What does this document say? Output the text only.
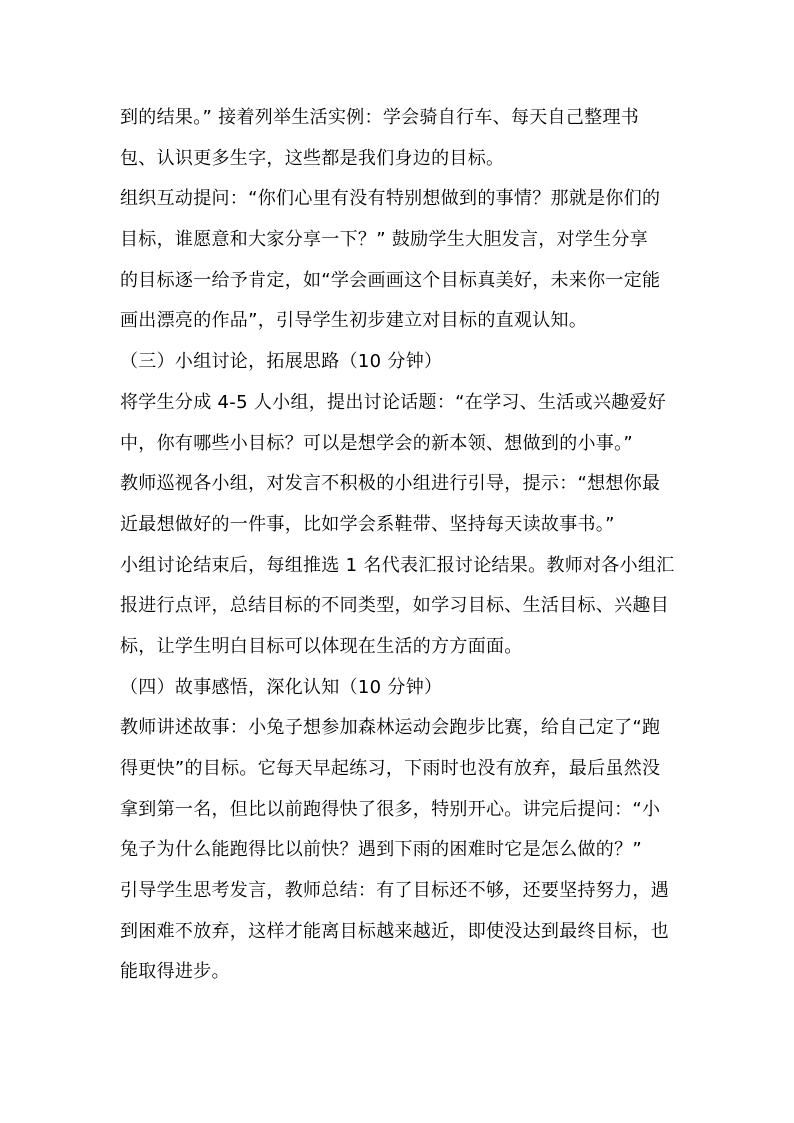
到的结果。” 接着列举生活实例：学会骑自行车、每天自己整理书
包、认识更多生字，这些都是我们身边的目标。
组织互动提问：“你们心里有没有特别想做到的事情？那就是你们的
目标，谁愿意和大家分享一下？” 鼓励学生大胆发言，对学生分享
的目标逐一给予肯定，如“学会画画这个目标真美好，未来你一定能
画出漂亮的作品”，引导学生初步建立对目标的直观认知。
（三）小组讨论，拓展思路（10 分钟）
将学生分成 4-5 人小组，提出讨论话题：“在学习、生活或兴趣爱好
中，你有哪些小目标？可以是想学会的新本领、想做到的小事。”
教师巡视各小组，对发言不积极的小组进行引导，提示：“想想你最
近最想做好的一件事，比如学会系鞋带、坚持每天读故事书。”
小组讨论结束后，每组推选 1 名代表汇报讨论结果。教师对各小组汇
报进行点评，总结目标的不同类型，如学习目标、生活目标、兴趣目
标，让学生明白目标可以体现在生活的方方面面。
（四）故事感悟，深化认知（10 分钟）
教师讲述故事：小兔子想参加森林运动会跑步比赛，给自己定了“跑
得更快”的目标。它每天早起练习，下雨时也没有放弃，最后虽然没
拿到第一名，但比以前跑得快了很多，特别开心。讲完后提问：“小
兔子为什么能跑得比以前快？遇到下雨的困难时它是怎么做的？”
引导学生思考发言，教师总结：有了目标还不够，还要坚持努力，遇
到困难不放弃，这样才能离目标越来越近，即使没达到最终目标，也
能取得进步。
